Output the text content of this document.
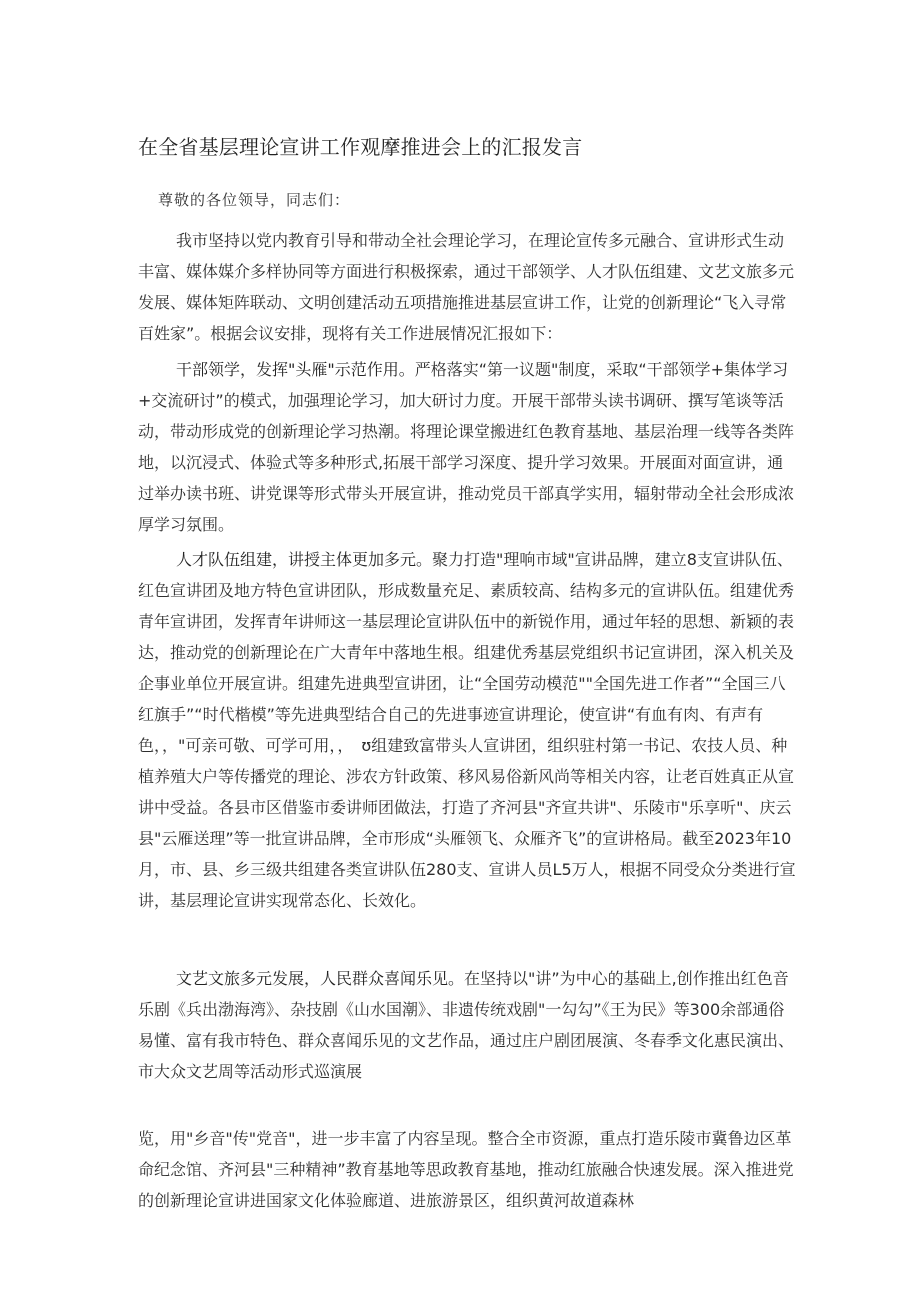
在全省基层理论宣讲工作观摩推进会上的汇报发言

尊敬的各位领导，同志们：

我市坚持以党内教育引导和带动全社会理论学习，在理论宣传多元融合、宣讲形式生动丰富、媒体媒介多样协同等方面进行积极探索，通过干部领学、人才队伍组建、文艺文旅多元发展、媒体矩阵联动、文明创建活动五项措施推进基层宣讲工作，让党的创新理论“飞入寻常百姓家”。根据会议安排，现将有关工作进展情况汇报如下：

干部领学，发挥"头雁"示范作用。严格落实“第一议题"制度，采取“干部领学+集体学习+交流研讨”的模式，加强理论学习，加大研讨力度。开展干部带头读书调研、撰写笔谈等活动，带动形成党的创新理论学习热潮。将理论课堂搬进红色教育基地、基层治理一线等各类阵地，以沉浸式、体验式等多种形式,拓展干部学习深度、提升学习效果。开展面对面宣讲，通过举办读书班、讲党课等形式带头开展宣讲，推动党员干部真学实用，辐射带动全社会形成浓厚学习氛围。

人才队伍组建，讲授主体更加多元。聚力打造"理响市域"宣讲品牌，建立8支宣讲队伍、红色宣讲团及地方特色宣讲团队，形成数量充足、素质较高、结构多元的宣讲队伍。组建优秀青年宣讲团，发挥青年讲师这一基层理论宣讲队伍中的新锐作用，通过年轻的思想、新颖的表达，推动党的创新理论在广大青年中落地生根。组建优秀基层党组织书记宣讲团，深入机关及企事业单位开展宣讲。组建先进典型宣讲团，让“全国劳动模范""全国先进工作者”“全国三八红旗手”“时代楷模”等先进典型结合自己的先进事迹宣讲理论，使宣讲“有血有肉、有声有色，，"可亲可敬、可学可用，，　ʊ组建致富带头人宣讲团，组织驻村第一书记、农技人员、种植养殖大户等传播党的理论、涉农方针政策、移风易俗新风尚等相关内容，让老百姓真正从宣讲中受益。各县市区借鉴市委讲师团做法，打造了齐河县"齐宣共讲"、乐陵市"乐享听"、庆云县"云雁送理”等一批宣讲品牌，全市形成“头雁领飞、众雁齐飞”的宣讲格局。截至2023年10月，市、县、乡三级共组建各类宣讲队伍280支、宣讲人员L5万人，根据不同受众分类进行宣讲，基层理论宣讲实现常态化、长效化。

文艺文旅多元发展，人民群众喜闻乐见。在坚持以"讲”为中心的基础上,创作推出红色音乐剧《兵出渤海湾》、杂技剧《山水国潮》、非遗传统戏剧"一勾勾”《王为民》等300余部通俗易懂、富有我市特色、群众喜闻乐见的文艺作品，通过庄户剧团展演、冬春季文化惠民演出、市大众文艺周等活动形式巡演展

览，用"乡音"传"党音"，进一步丰富了内容呈现。整合全市资源，重点打造乐陵市冀鲁边区革命纪念馆、齐河县"三种精神”教育基地等思政教育基地，推动红旅融合快速发展。深入推进党的创新理论宣讲进国家文化体验廊道、进旅游景区，组织黄河故道森林
